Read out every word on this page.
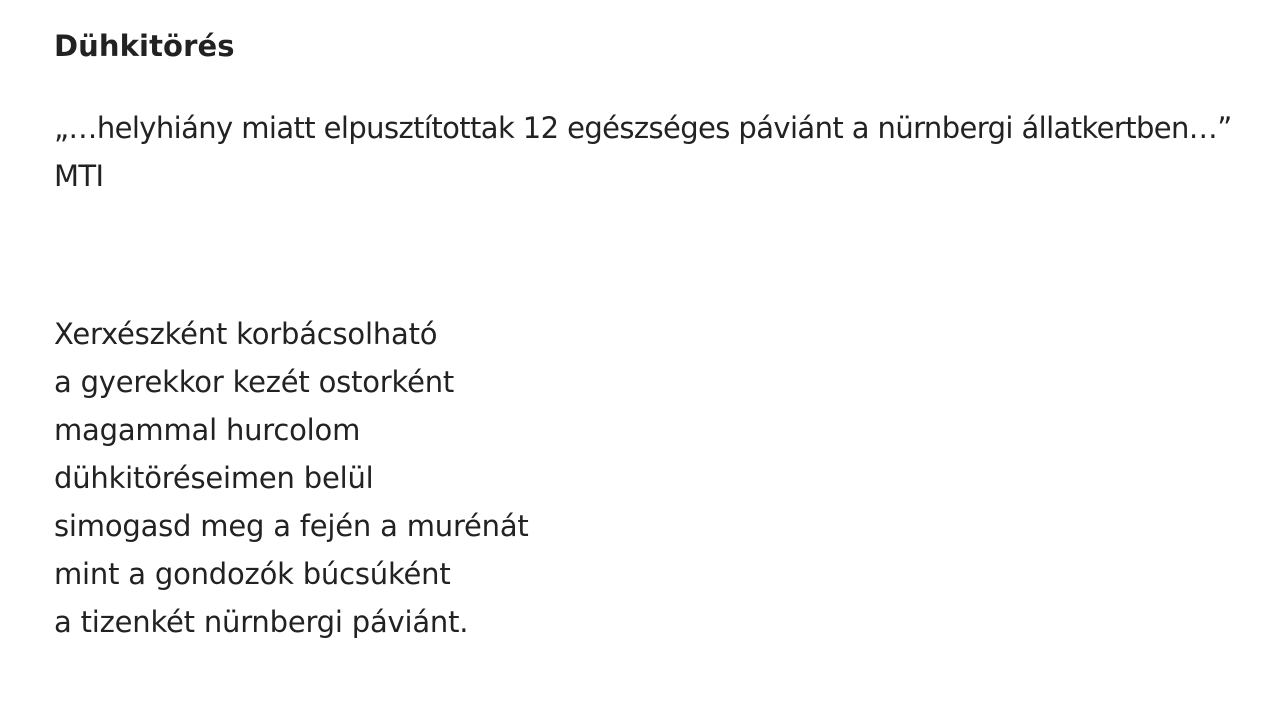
Dühkitörés
„…helyhiány miatt elpusztítottak 12 egészséges páviánt a nürnbergi állatkertben…”
MTI
Xerxészként korbácsolható
a gyerekkor kezét ostorként
magammal hurcolom
dühkitöréseimen belül
simogasd meg a fején a murénát
mint a gondozók búcsúként
a tizenkét nürnbergi páviánt.
